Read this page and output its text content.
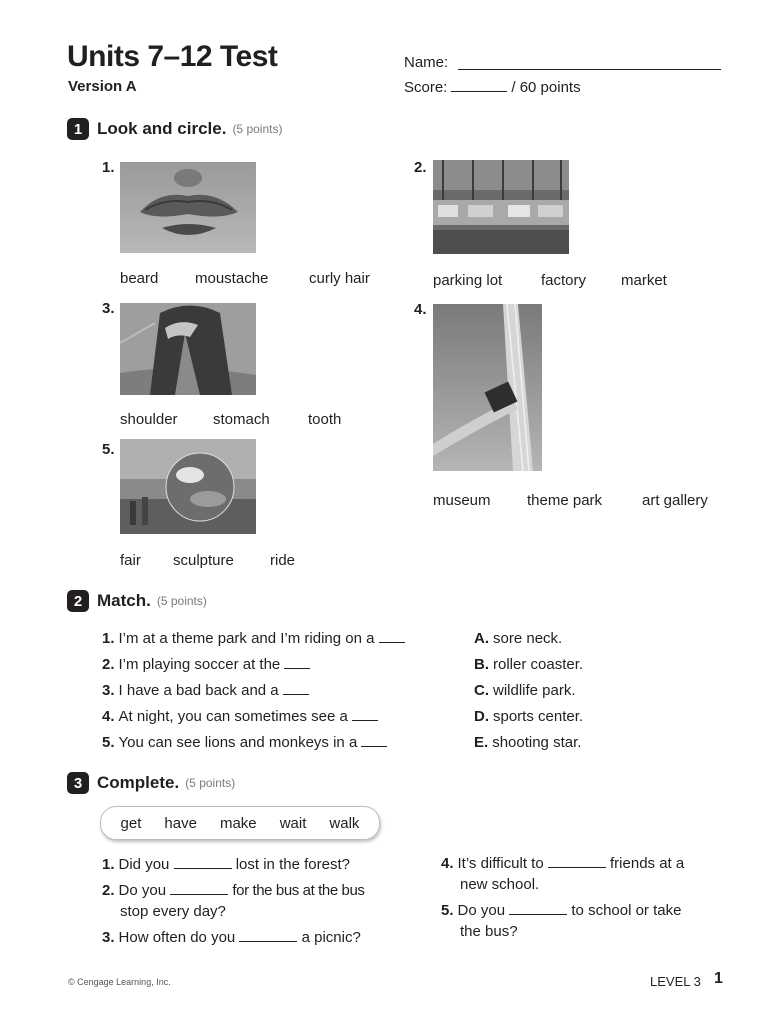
Units 7–12 Test
Version A
Name:
Score:	/ 60 points
1 Look and circle. (5 points)
1.
beard moustache	curly hair
2.
parking lot	factory market
3.
shoulder stomach	tooth
4.
museum theme park	art gallery
5.
fair sculpture ride
2 Match. (5 points)
1. I’m at a theme park and I’m riding on a
2. I’m playing soccer at the
3. I have a bad back and a
4. At night, you can sometimes see a
5. You can see lions and monkeys in a
A. sore neck.
B. roller coaster.
C. wildlife park.
D. sports center.
E. shooting star.
3 Complete. (5 points)
get have make wait walk
1. Did you	lost in the forest?
2. Do you	for the bus at the bus
stop every day?
3. How often do you	a picnic?
4. It’s difficult to	friends at a
new school.
5. Do you	to school or take
the bus?
© Cengage Learning, Inc.	LEVEL 3 1
